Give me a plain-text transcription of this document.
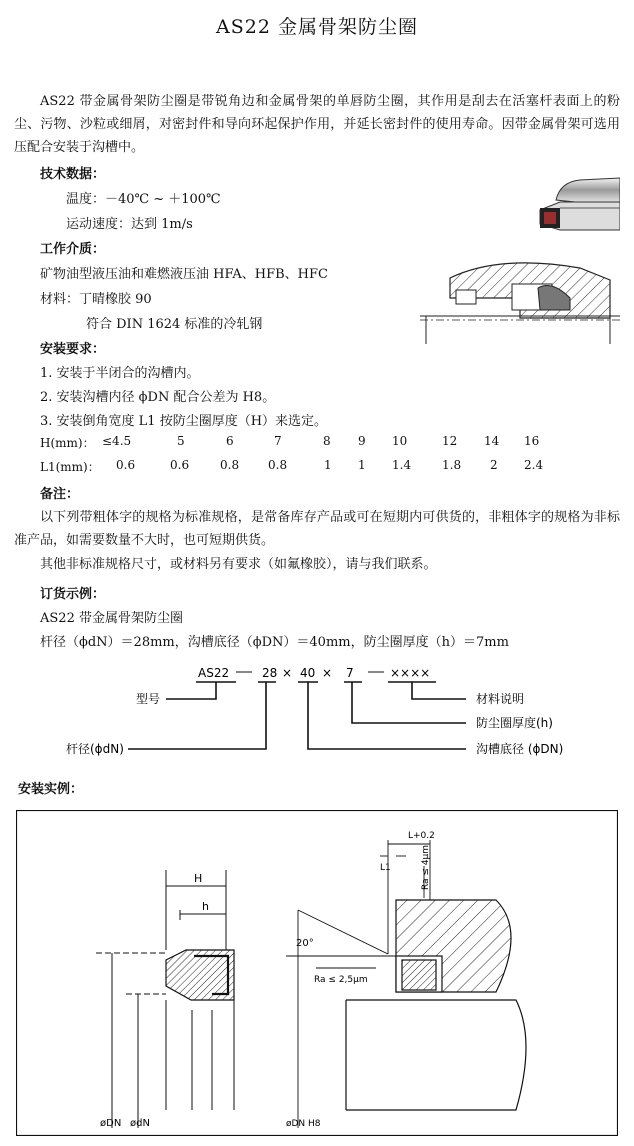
AS22 金属骨架防尘圈
AS22 带金属骨架防尘圈是带锐角边和金属骨架的单唇防尘圈，其作用是刮去在活塞杆表面上的粉尘、污物、沙粒或细屑，对密封件和导向环起保护作用，并延长密封件的使用寿命。因带金属骨架可选用压配合安装于沟槽中。
技术数据：
温度：－40℃ ~ ＋100℃
运动速度：达到 1m/s
工作介质：
矿物油型液压油和难燃液压油 HFA、HFB、HFC
材料：丁晴橡胶 90
符合 DIN 1624 标准的冷轧钢
安装要求：
1. 安装于半闭合的沟槽内。
2. 安装沟槽内径 ϕDN 配合公差为 H8。
3. 安装倒角宽度 L1 按防尘圈厚度（H）来选定。
H(mm)： ≤4.5	5	6	7	8 9 10	12 14 16
L1(mm)： 0.6	0.6	0.8 0.8	1 1 1.4	1.8 2 2.4
备注：
以下列带粗体字的规格为标准规格，是常备库存产品或可在短期内可供货的，非粗体字的规格为非标准产品，如需要数量不大时，也可短期供货。
其他非标准规格尺寸，或材料另有要求（如氟橡胶），请与我们联系。
订货示例：
AS22 带金属骨架防尘圈
杆径（ϕdN）＝28mm，沟槽底径（ϕDN）＝40mm，防尘圈厚度（h）＝7mm
AS22	28 × 40 × 7	××××
型号
杆径(ϕdN)
材料说明
防尘圈厚度(h)
沟槽底径 (ϕDN)
安装实例：
H
h
øDN ødN
L+0.2
L1	Ra ≤ 4μm
20°
Ra ≤ 2,5μm
øDN H8
